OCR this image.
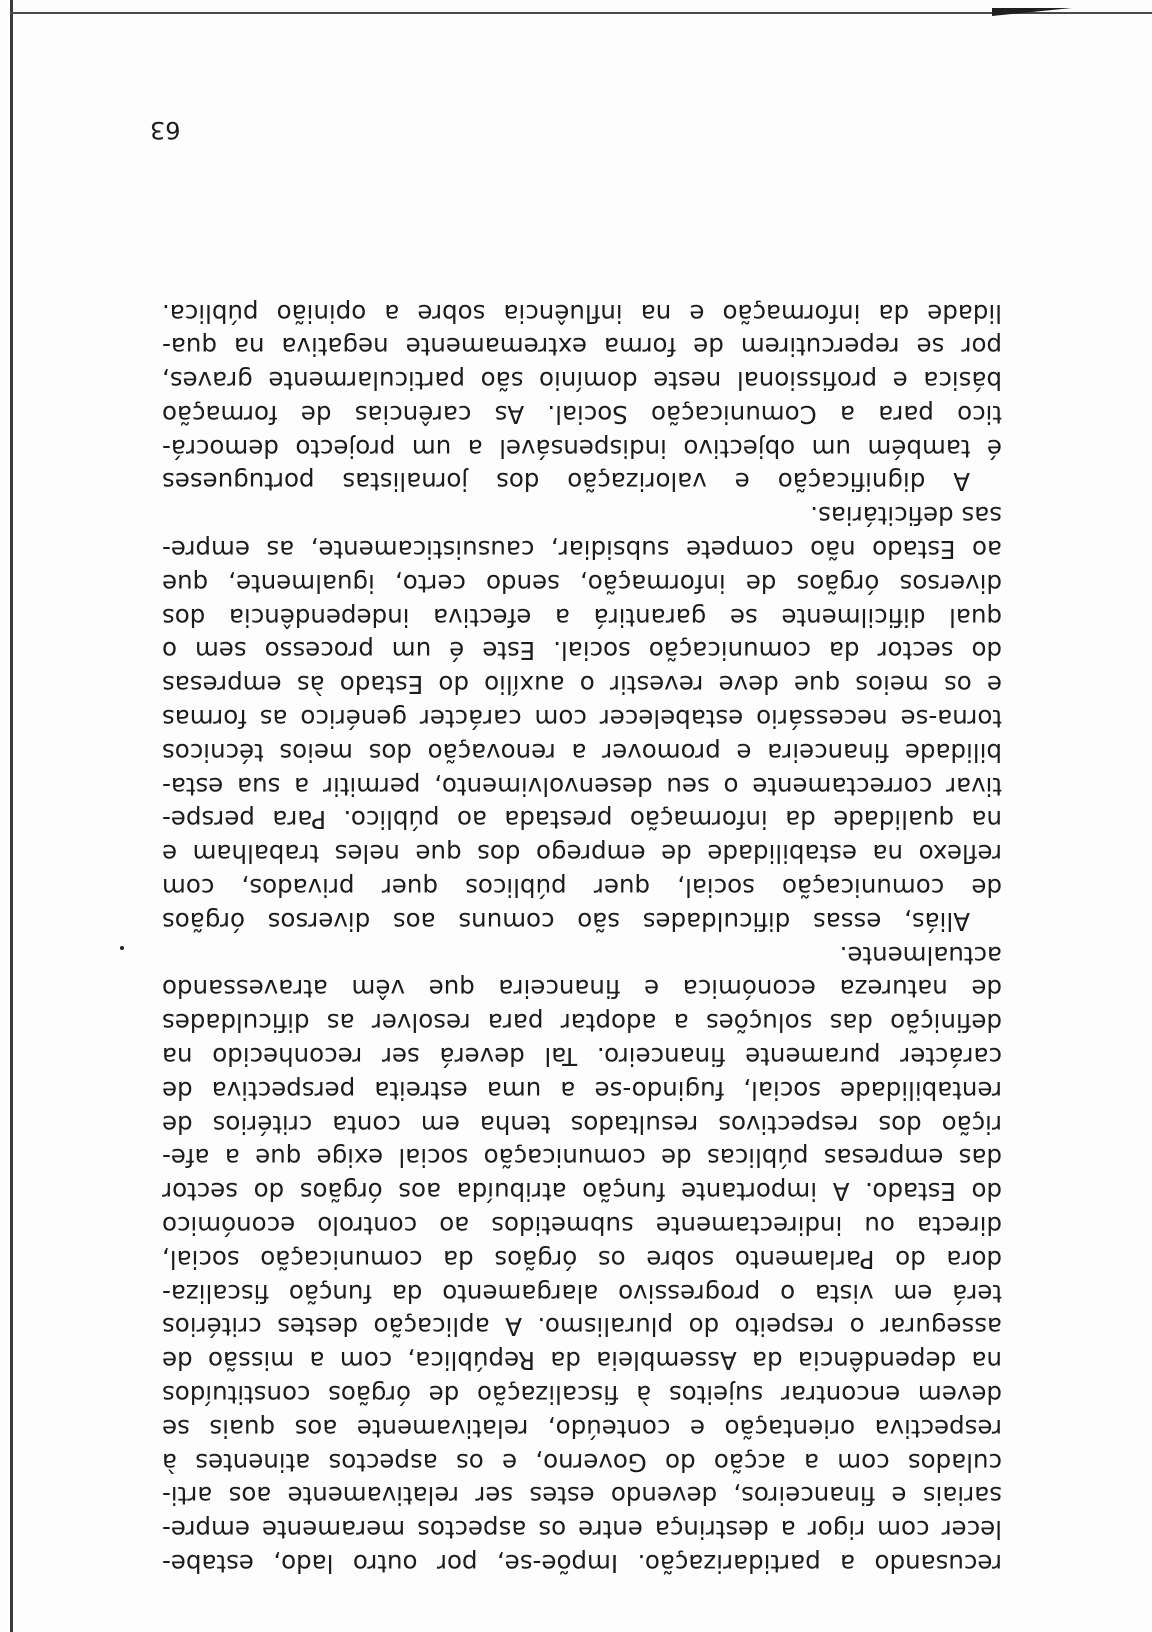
recusando a partidarização. Impõe-se, por outro lado, estabe-
lecer com rigor a destrinça entre os aspectos meramente empre-
sariais e financeiros, devendo estes ser relativamente aos arti-
culados com a acção do Governo, e os aspectos atinentes à
respectiva orientação e conteúdo, relativamente aos quais se
devem encontrar sujeitos à fiscalização de órgãos constituídos
na dependência da Assembleia da República, com a missão de
assegurar o respeito do pluralismo. A aplicação destes critérios
terá em vista o progressivo alargamento da função fiscaliza-
dora do Parlamento sobre os órgãos da comunicação social,
directa ou indirectamente submetidos ao controlo económico
do Estado. A importante função atribuída aos órgãos do sector
das empresas públicas de comunicação social exige que a afe-
rição dos respectivos resultados tenha em conta critérios de
rentabilidade social, fugindo-se a uma estreita perspectiva de
carácter puramente financeiro. Tal deverá ser reconhecido na
definição das soluções a adoptar para resolver as dificuldades
de natureza económica e financeira que vêm atravessando
actualmente.
Aliás, essas dificuldades são comuns aos diversos órgãos
de comunicação social, quer públicos quer privados, com
reflexo na estabilidade de emprego dos que neles trabalham e
na qualidade da informação prestada ao público. Para perspe-
tivar correctamente o seu desenvolvimento, permitir a sua esta-
bilidade financeira e promover a renovação dos meios técnicos
torna-se necessário estabelecer com carácter genérico as formas
e os meios que deve revestir o auxílio do Estado às empresas
do sector da comunicação social. Este é um processo sem o
qual dificilmente se garantirá a efectiva independência dos
diversos órgãos de informação, sendo certo, igualmente, que
ao Estado não compete subsidiar, causuisticamente, as empre-
sas deficitárias.
A dignificação e valorização dos jornalistas portugueses
é também um objectivo indispensável a um projecto democrá-
tico para a Comunicação Social. As carências de formação
básica e profissional neste domínio são particularmente graves,
por se repercutirem de forma extremamente negativa na qua-
lidade da informação e na influência sobre a opinião pública.
63
